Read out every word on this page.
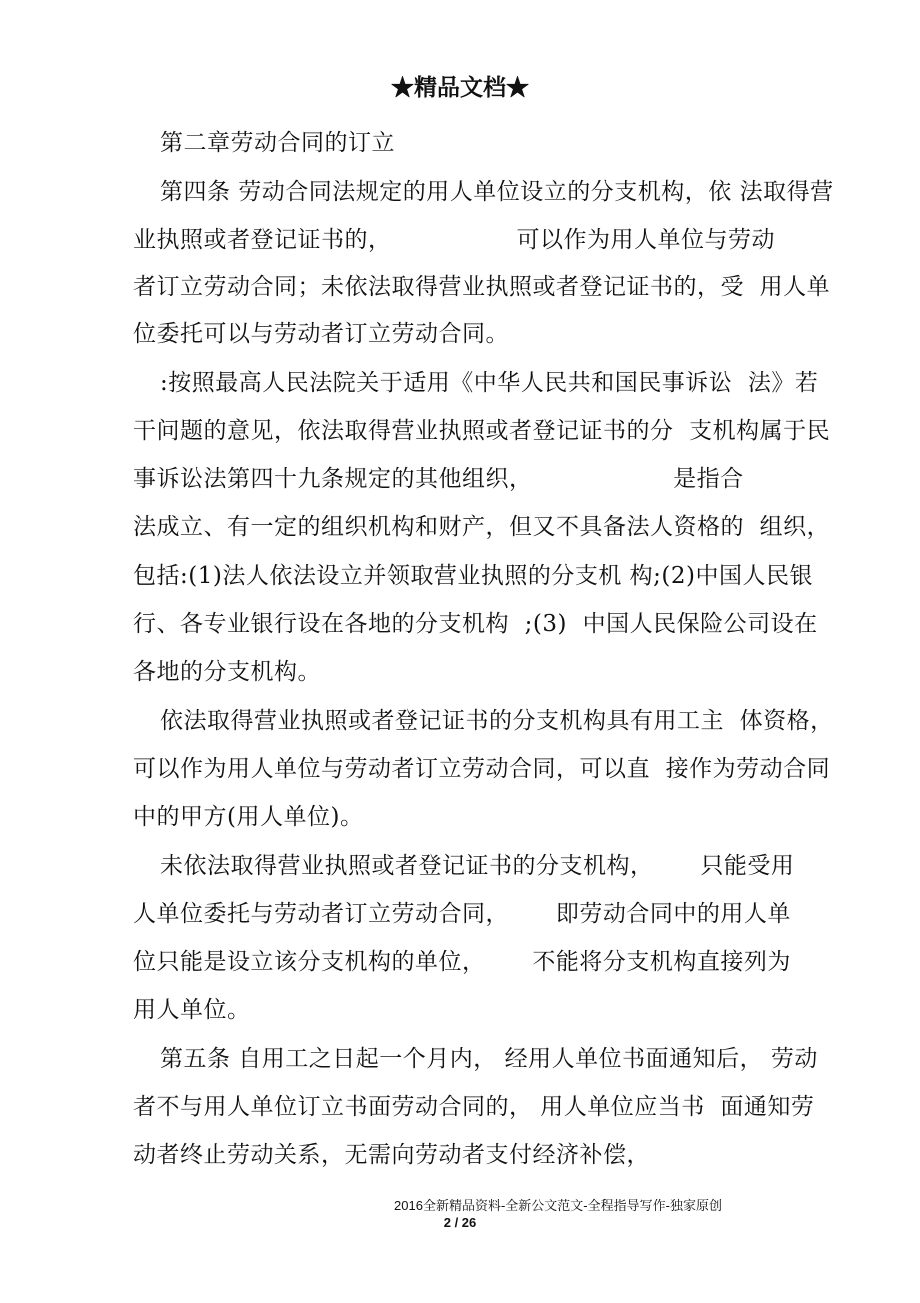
★精品文档★
第二章劳动合同的订立
第四条 劳动合同法规定的用人单位设立的分支机构，依 法取得营
业执照或者登记证书的，                可以作为用人单位与劳动
者订立劳动合同；未依法取得营业执照或者登记证书的，受  用人单
位委托可以与劳动者订立劳动合同。
:按照最高人民法院关于适用《中华人民共和国民事诉讼  法》若
干问题的意见，依法取得营业执照或者登记证书的分  支机构属于民
事诉讼法第四十九条规定的其他组织，                  是指合
法成立、有一定的组织机构和财产，但又不具备法人资格的  组织，
包括:(1)法人依法设立并领取营业执照的分支机 构;(2)中国人民银
行、各专业银行设在各地的分支机构  ;(3)  中国人民保险公司设在
各地的分支机构。
依法取得营业执照或者登记证书的分支机构具有用工主  体资格，
可以作为用人单位与劳动者订立劳动合同，可以直  接作为劳动合同
中的甲方(用人单位)。
未依法取得营业执照或者登记证书的分支机构，      只能受用
人单位委托与劳动者订立劳动合同，      即劳动合同中的用人单
位只能是设立该分支机构的单位，      不能将分支机构直接列为
用人单位。
第五条 自用工之日起一个月内， 经用人单位书面通知后， 劳动
者不与用人单位订立书面劳动合同的， 用人单位应当书  面通知劳
动者终止劳动关系，无需向劳动者支付经济补偿，
2016全新精品资料-全新公文范文-全程指导写作-独家原创
2 / 26
